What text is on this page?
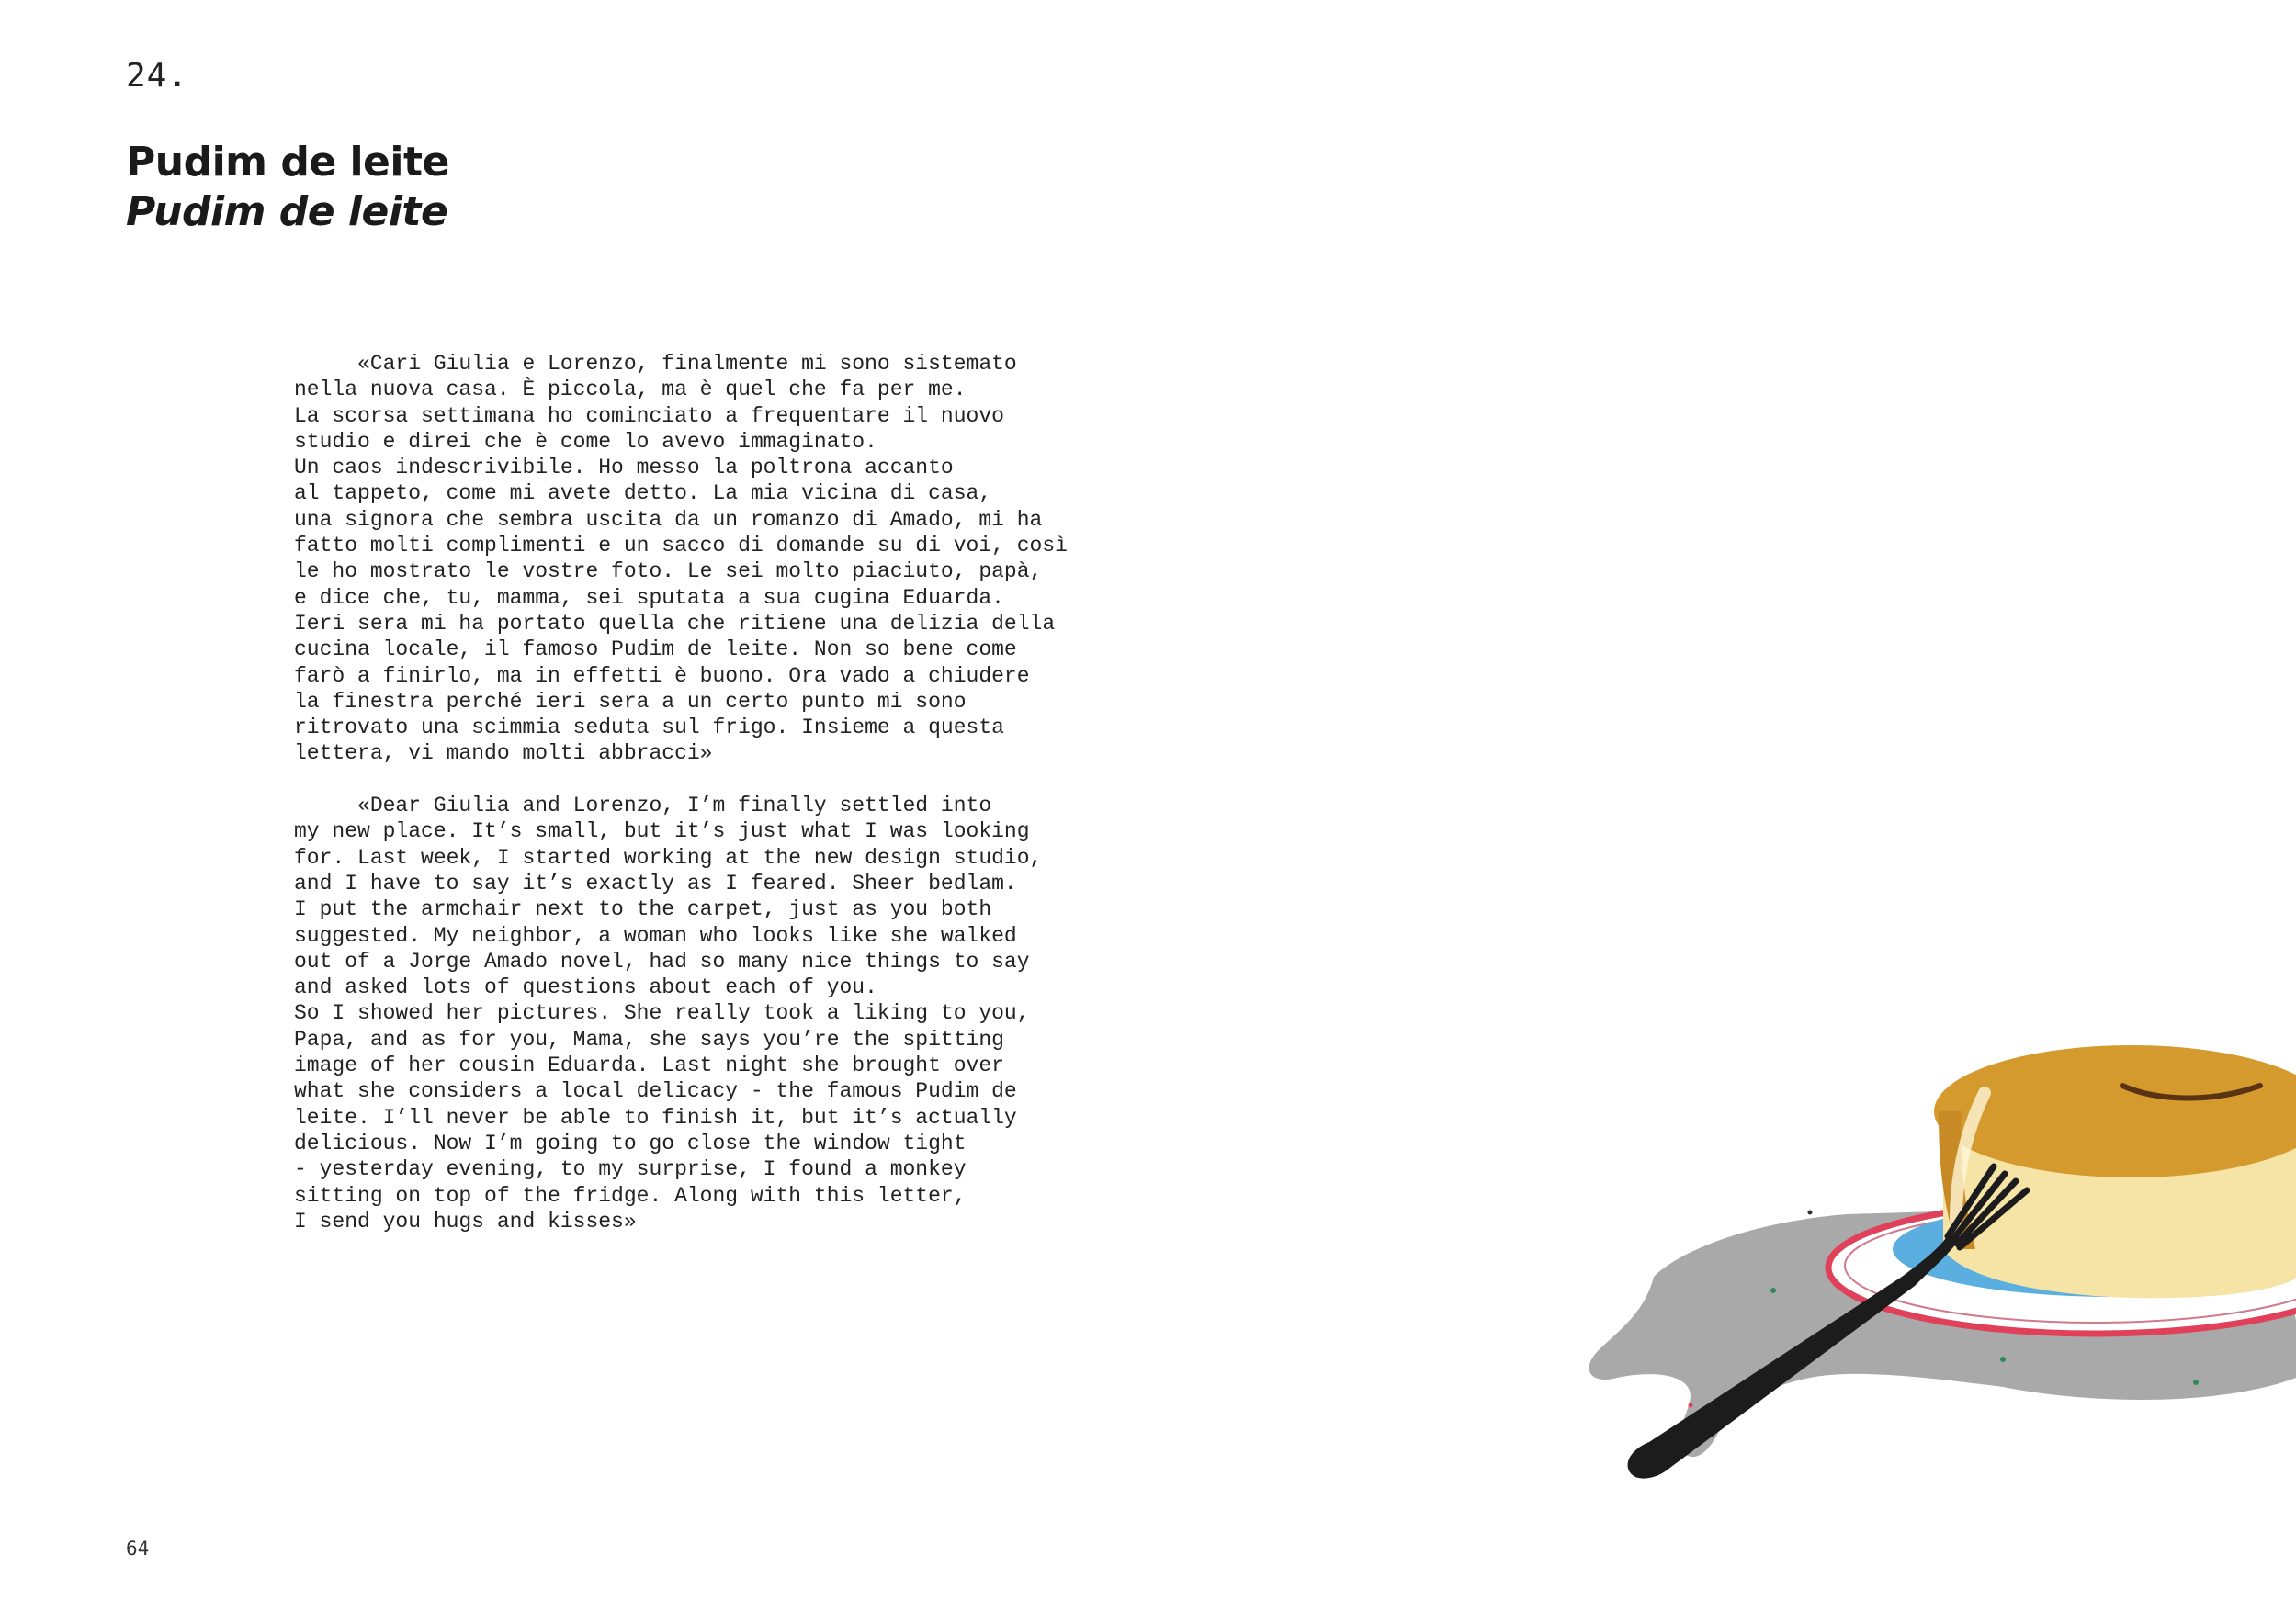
24.
Pudim de leite
Pudim de leite

«Cari Giulia e Lorenzo, finalmente mi sono sistemato
nella nuova casa. È piccola, ma è quel che fa per me.
La scorsa settimana ho cominciato a frequentare il nuovo
studio e direi che è come lo avevo immaginato.
Un caos indescrivibile. Ho messo la poltrona accanto
al tappeto, come mi avete detto. La mia vicina di casa,
una signora che sembra uscita da un romanzo di Amado, mi ha
fatto molti complimenti e un sacco di domande su di voi, così
le ho mostrato le vostre foto. Le sei molto piaciuto, papà,
e dice che, tu, mamma, sei sputata a sua cugina Eduarda.
Ieri sera mi ha portato quella che ritiene una delizia della
cucina locale, il famoso Pudim de leite. Non so bene come
farò a finirlo, ma in effetti è buono. Ora vado a chiudere
la finestra perché ieri sera a un certo punto mi sono
ritrovato una scimmia seduta sul frigo. Insieme a questa
lettera, vi mando molti abbracci»

«Dear Giulia and Lorenzo, I’m finally settled into
my new place. It’s small, but it’s just what I was looking
for. Last week, I started working at the new design studio,
and I have to say it’s exactly as I feared. Sheer bedlam.
I put the armchair next to the carpet, just as you both
suggested. My neighbor, a woman who looks like she walked
out of a Jorge Amado novel, had so many nice things to say
and asked lots of questions about each of you.
So I showed her pictures. She really took a liking to you,
Papa, and as for you, Mama, she says you’re the spitting
image of her cousin Eduarda. Last night she brought over
what she considers a local delicacy - the famous Pudim de
leite. I’ll never be able to finish it, but it’s actually
delicious. Now I’m going to go close the window tight
- yesterday evening, to my surprise, I found a monkey
sitting on top of the fridge. Along with this letter,
I send you hugs and kisses»

64
